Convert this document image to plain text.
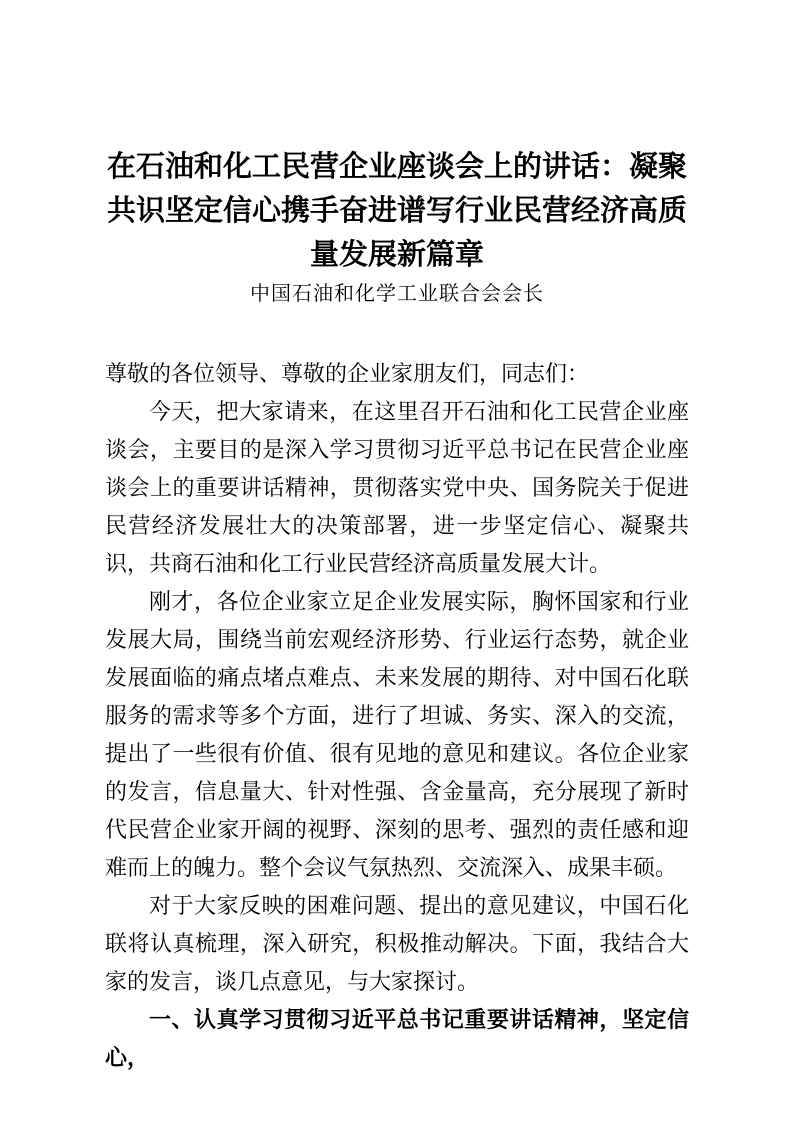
在石油和化工民营企业座谈会上的讲话：凝聚共识坚定信心携手奋进谱写行业民营经济高质量发展新篇章
中国石油和化学工业联合会会长

尊敬的各位领导、尊敬的企业家朋友们，同志们：

今天，把大家请来，在这里召开石油和化工民营企业座谈会，主要目的是深入学习贯彻习近平总书记在民营企业座谈会上的重要讲话精神，贯彻落实党中央、国务院关于促进民营经济发展壮大的决策部署，进一步坚定信心、凝聚共识，共商石油和化工行业民营经济高质量发展大计。

刚才，各位企业家立足企业发展实际，胸怀国家和行业发展大局，围绕当前宏观经济形势、行业运行态势，就企业发展面临的痛点堵点难点、未来发展的期待、对中国石化联服务的需求等多个方面，进行了坦诚、务实、深入的交流，提出了一些很有价值、很有见地的意见和建议。各位企业家的发言，信息量大、针对性强、含金量高，充分展现了新时代民营企业家开阔的视野、深刻的思考、强烈的责任感和迎难而上的魄力。整个会议气氛热烈、交流深入、成果丰硕。

对于大家反映的困难问题、提出的意见建议，中国石化联将认真梳理，深入研究，积极推动解决。下面，我结合大家的发言，谈几点意见，与大家探讨。

一、认真学习贯彻习近平总书记重要讲话精神，坚定信心，
